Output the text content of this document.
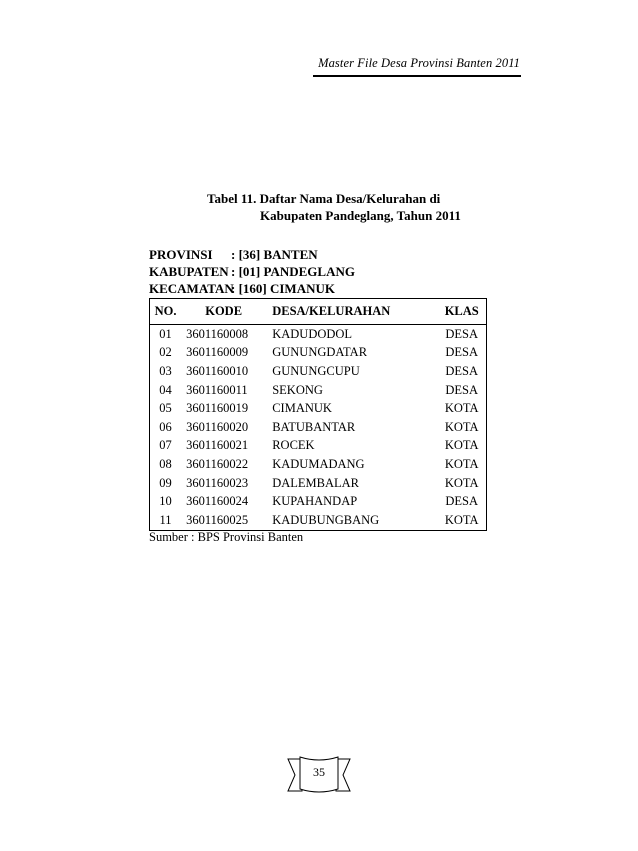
Master File Desa Provinsi Banten 2011
Tabel 11. Daftar Nama Desa/Kelurahan di
Kabupaten Pandeglang, Tahun 2011
PROVINSI : [36] BANTEN
KABUPATEN : [01] PANDEGLANG
KECAMATAN: [160] CIMANUK
NO.	KODE	DESA/KELURAHAN	KLAS
01	3601160008	KADUDODOL	DESA
02	3601160009	GUNUNGDATAR	DESA
03	3601160010	GUNUNGCUPU	DESA
04	3601160011	SEKONG	DESA
05	3601160019	CIMANUK	KOTA
06	3601160020	BATUBANTAR	KOTA
07	3601160021	ROCEK	KOTA
08	3601160022	KADUMADANG	KOTA
09	3601160023	DALEMBALAR	KOTA
10	3601160024	KUPAHANDAP	DESA
11	3601160025	KADUBUNGBANG	KOTA
Sumber : BPS Provinsi Banten
35
